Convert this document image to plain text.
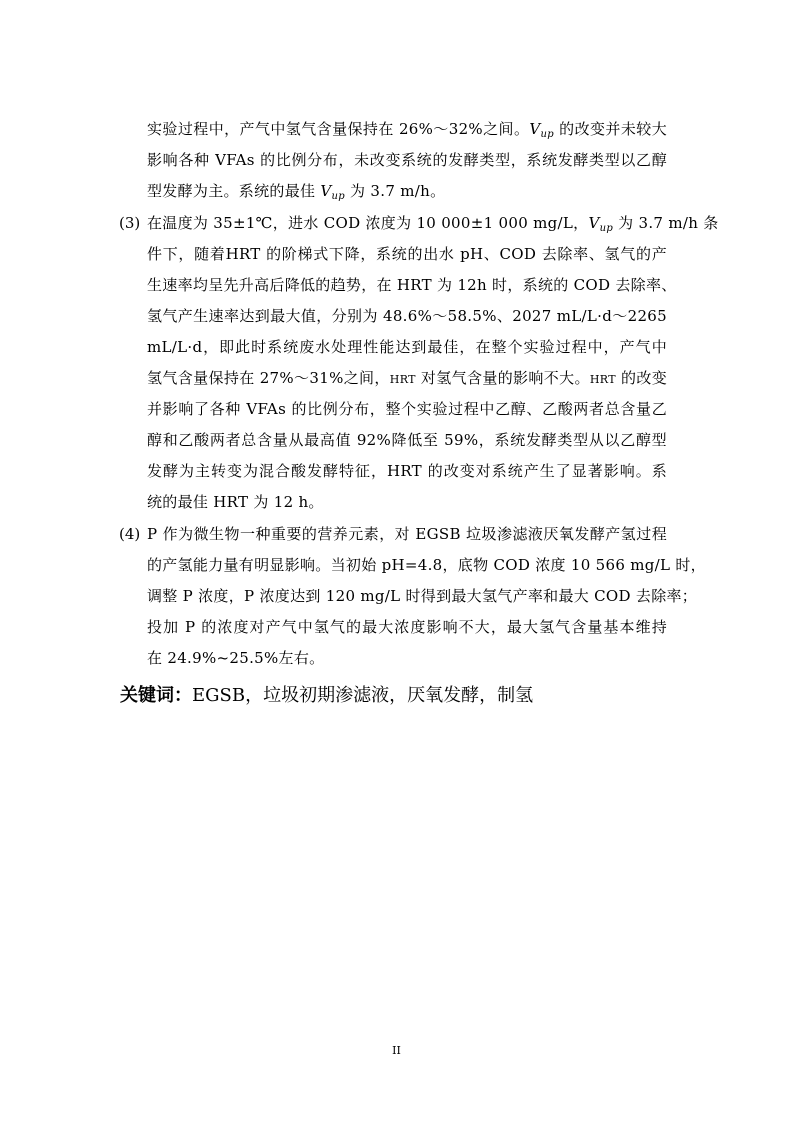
实验过程中，产气中氢气含量保持在 26%～32%之间。$V_{up}$ 的改变并未较大
影响各种 VFAs 的比例分布，未改变系统的发酵类型，系统发酵类型以乙醇
型发酵为主。系统的最佳 $V_{up}$ 为 3.7 m/h。
(3) 在温度为 35±1℃，进水 COD 浓度为 10 000±1 000 mg/L，$V_{up}$ 为 3.7 m/h 条
件下，随着HRT 的阶梯式下降，系统的出水 pH、COD 去除率、氢气的产
生速率均呈先升高后降低的趋势，在 HRT 为 12h 时，系统的 COD 去除率、
氢气产生速率达到最大值，分别为 48.6%～58.5%、2027 mL/L·d～2265
mL/L·d，即此时系统废水处理性能达到最佳，在整个实验过程中，产气中
氢气含量保持在 27%～31%之间，HRT 对氢气含量的影响不大。HRT 的改变
并影响了各种 VFAs 的比例分布，整个实验过程中乙醇、乙酸两者总含量乙
醇和乙酸两者总含量从最高值 92%降低至 59%，系统发酵类型从以乙醇型
发酵为主转变为混合酸发酵特征，HRT 的改变对系统产生了显著影响。系
统的最佳 HRT 为 12 h。
(4) P 作为微生物一种重要的营养元素，对 EGSB 垃圾渗滤液厌氧发酵产氢过程
的产氢能力量有明显影响。当初始 pH=4.8，底物 COD 浓度 10 566 mg/L 时，
调整 P 浓度，P 浓度达到 120 mg/L 时得到最大氢气产率和最大 COD 去除率；
投加 P 的浓度对产气中氢气的最大浓度影响不大，最大氢气含量基本维持
在 24.9%~25.5%左右。
关键词：EGSB，垃圾初期渗滤液，厌氧发酵，制氢
II
